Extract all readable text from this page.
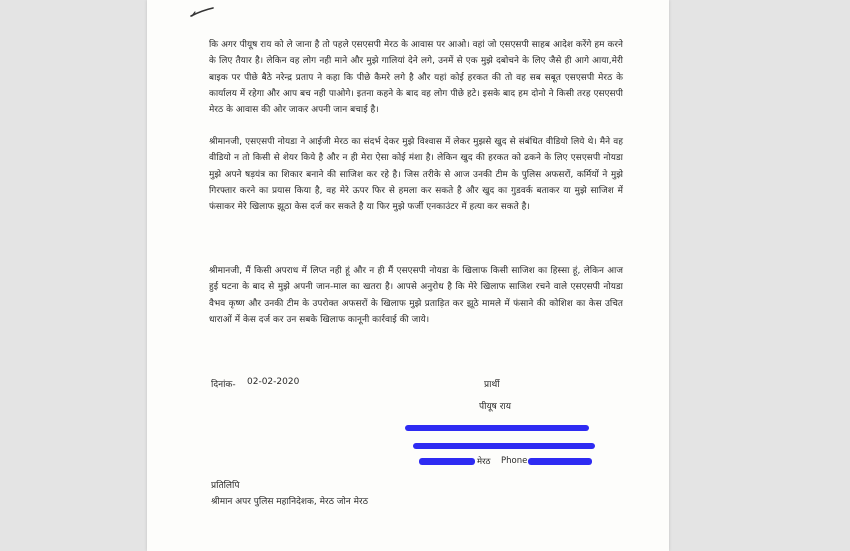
कि अगर पीयूष राय को ले जाना है तो पहले एसएसपी मेरठ के आवास पर आओ। वहां जो एसएसपी साहब आदेश करेंगे हम करने के लिए तैयार है। लेकिन वह लोग नही माने और मुझे गालियां देने लगे, उनमें से एक मुझे दबोचने के लिए जैसे ही आगे आया,मेरी बाइक पर पीछे बैठे नरेन्द्र प्रताप ने कहा कि पीछे कैमरे लगे है और यहां कोई हरकत की तो वह सब सबूत एसएसपी मेरठ के कार्यालय में रहेगा और आप बच नही पाओगे। इतना कहने के बाद वह लोग पीछे हटे। इसके बाद हम दोनो ने किसी तरह एसएसपी मेरठ के आवास की ओर जाकर अपनी जान बचाई है।
श्रीमानजी, एसएसपी नोयडा ने आईजी मेरठ का संदर्भ देकर मुझे विश्वास में लेकर मुझसे खुद से संबंधित वीडियो लिये थे। मैने वह वीडियो न तो किसी से शेयर किये है और न ही मेरा ऐसा कोई मंशा है। लेकिन खुद की हरकत को ढकने के लिए एसएसपी नोयडा मुझे अपने षड़यंत्र का शिकार बनाने की साजिश कर रहे है। जिस तरीके से आज उनकी टीम के पुलिस अफसरों, कर्मियों ने मुझे गिरफ्तार करने का प्रयास किया है, वह मेरे ऊपर फिर से हमला कर सकते है और खुद का गुडवर्क बताकर या मुझे साजिश में फंसाकर मेरे खिलाफ झूठा केस दर्ज कर सकते है या फिर मुझे फर्जी एनकाउंटर में हत्या कर सकते है।
श्रीमानजी, मैं किसी अपराध में लिप्त नही हूं और न ही मैं एसएसपी नोयडा के खिलाफ किसी साजिश का हिस्सा हूं, लेकिन आज हुई घटना के बाद से मुझे अपनी जान-माल का खतरा है। आपसे अनुरोध है कि मेरे खिलाफ साजिश रचने वाले एसएसपी नोयडा वैभव कृष्ण और उनकी टीम के उपरोक्त अफसरों के खिलाफ मुझे प्रताड़ित कर झूठे मामले में फंसाने की कोशिश का केस उचित धाराओं में केस दर्ज कर उन सबके खिलाफ कानूनी कार्रवाई की जाये।
दिनांक- 02-02-2020	प्रार्थी
पीयूष राय
मेरठ Phone
प्रतिलिपि
श्रीमान अपर पुलिस महानिदेशक, मेरठ जोन मेरठ
